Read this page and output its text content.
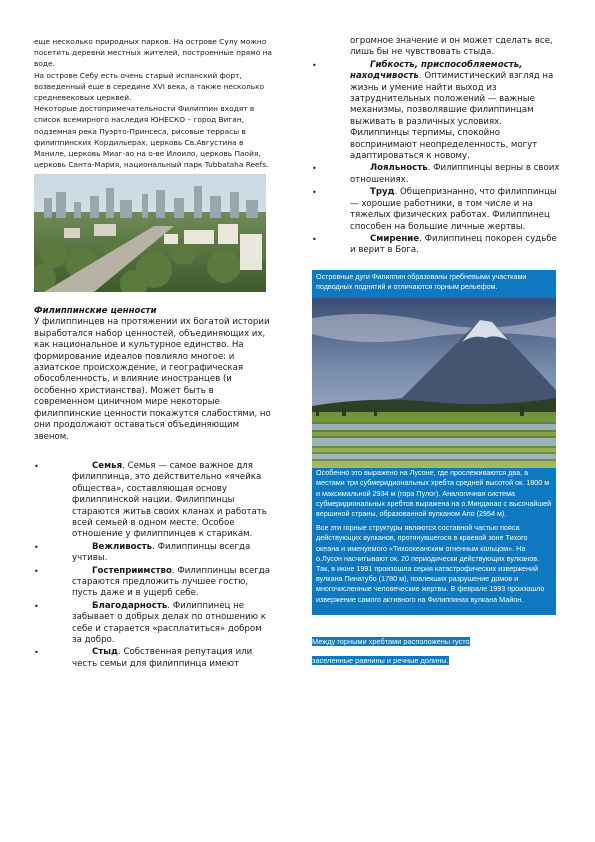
еще несколько природных парков. На острове Сулу можно посетить деревни местных жителей, построенные прямо на воде.

На острове Себу есть очень старый испанский форт, возведенный еще в середине XVI века, а также несколько средневековых церквей.

Некоторые достопримечательности Филиппин входят в список всемирного наследия ЮНЕСКО – город Виган, подземная река Пуэрто-Принсеса, рисовые террасы в филиппинских Кордильерах, церковь Св.Августина в Маниле, церковь Миаг-ао на о-ве Илоило, церковь Паойя, церковь Санта-Мария, национальный парк Tubbataha Reefs.

Филиппинские ценности

У филиппинцев на протяжении их богатой истории выработался набор ценностей, объединяющих их, как национальное и культурное единство. На формирование идеалов повлияло многое: и азиатское происхождение, и географическая обособленность, и влияние иностранцев (и особенно христианства). Может быть в современном циничном мире некоторые филиппинские ценности покажутся слабостями, но они продолжают оставаться объединяющим звеном.

•	Семья. Семья — самое важное для филиппинца, это действительно «ячейка общества», составляющая основу филиппинской нации. Филиппинцы стараются житьв своих кланах и работать всей семьей в одном месте. Особое отношение у филиппинцев к старикам.
•	Вежливость. Филиппинцы всегда учтивы.
•	Гостеприимство. Филиппинцы всегда стараются предложить лучшее гостю, пусть даже и в ущерб себе.
•	Благодарность. Филиппинец не забывает о добрых делах по отношению к себе и старается «расплатиться» добром за добро.
•	Стыд. Собственная репутация или честь семьи для филиппинца имеют
огромное значение и он может сделать все, лишь бы не чувствовать стыда.
•	Гибкость, приспособляемость, находчивость. Оптимистический взгляд на жизнь и умение найти выход из затруднительных положений — важные механизмы, позволявшие филиппинцам выживать в различных условиях. Филиппинцы терпимы, спокойно воспринимают неопределенность, могут адаптироваться к новому.
•	Лояльность. Филиппинцы верны в своих отношениях.
•	Труд. Общепризнанно, что филиппинцы — хорошие работники, в том числе и на тяжелых физических работах. Филиппинец способен на большие личные жертвы.
•	Смирение. Филиппинец покорен судьбе и верит в Бога.

Островные дуги Филиппин образованы гребневыми участками подводных поднятий и отличаются горным рельефом.

Особенно это выражено на Лусоне, где прослеживаются два, а местами три субмеридиональных хребта средней высотой ок. 1800 м и максимальной 2934 м (гора Пулог). Аналогичная система субмеридиональных хребтов выражена на о.Минданао с высочайшей вершиной страны, образованной вулканом Апо (2954 м).

Все эти горные структуры являются составной частью пояса действующих вулканов, протянувшегося в краевой зоне Тихого океана и именуемого «Тихоокеанским огненным кольцом». На о.Лусон насчитывают ок. 20 периодически действующих вулканов. Так, в июне 1991 произошла серия катастрофических извержений вулкана Пинатубо (1780 м), повлекших разрушение домов и многочисленные человеческие жертвы. В феврале 1993 произошло извержение самого активного на Филиппинах вулкана Майон.

Между горными хребтами расположены густо заселенные равнины и речные долины.
